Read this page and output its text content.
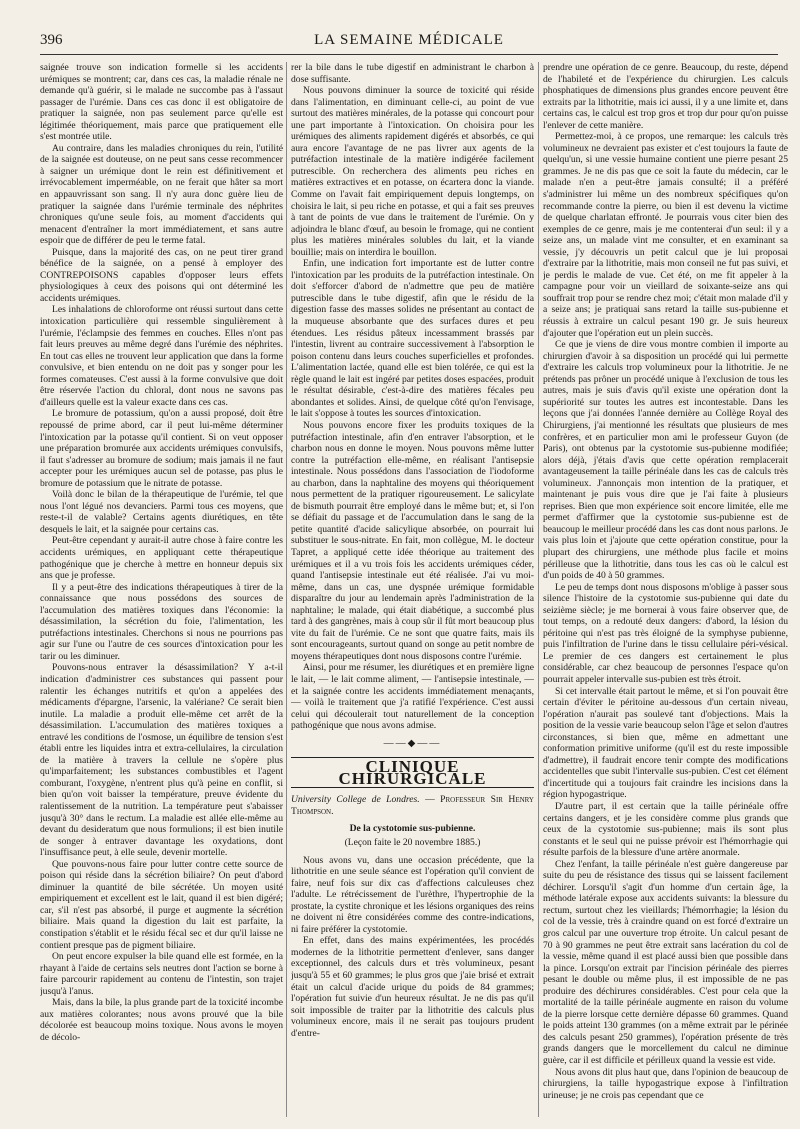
396	LA SEMAINE MÉDICALE

saignée trouve son indication formelle si les accidents urémiques se montrent; car, dans ces cas, la maladie rénale ne demande qu'à guérir, si le malade ne succombe pas à l'assaut passager de l'urémie. Dans ces cas donc il est obligatoire de pratiquer la saignée, non pas seulement parce qu'elle est légitimée théoriquement, mais parce que pratiquement elle s'est montrée utile.

Au contraire, dans les maladies chroniques du rein, l'utilité de la saignée est douteuse, on ne peut sans cesse recommencer à saigner un urémique dont le rein est définitivement et irrévocablement imperméable, on ne ferait que hâter sa mort en appauvrissant son sang. Il n'y aura donc guère lieu de pratiquer la saignée dans l'urémie terminale des néphrites chroniques qu'une seule fois, au moment d'accidents qui menacent d'entraîner la mort immédiatement, et sans autre espoir que de différer de peu le terme fatal.

Puisque, dans la majorité des cas, on ne peut tirer grand bénéfice de la saignée, on a pensé à employer des CONTREPOISONS capables d'opposer leurs effets physiologiques à ceux des poisons qui ont déterminé les accidents urémiques.

Les inhalations de chloroforme ont réussi surtout dans cette intoxication particulière qui ressemble singulièrement à l'urémie, l'éclampsie des femmes en couches. Elles n'ont pas fait leurs preuves au même degré dans l'urémie des néphrites. En tout cas elles ne trouvent leur application que dans la forme convulsive, et bien entendu on ne doit pas y songer pour les formes comateuses. C'est aussi à la forme convulsive que doit être réservée l'action du chloral, dont nous ne savons pas d'ailleurs quelle est la valeur exacte dans ces cas.

Le bromure de potassium, qu'on a aussi proposé, doit être repoussé de prime abord, car il peut lui-même déterminer l'intoxication par la potasse qu'il contient. Si on veut opposer une préparation bromurée aux accidents urémiques convulsifs, il faut s'adresser au bromure de sodium; mais jamais il ne faut accepter pour les urémiques aucun sel de potasse, pas plus le bromure de potassium que le nitrate de potasse.

Voilà donc le bilan de la thérapeutique de l'urémie, tel que nous l'ont légué nos devanciers. Parmi tous ces moyens, que reste-t-il de valable? Certains agents diurétiques, en tête desquels le lait, et la saignée pour certains cas.

Peut-être cependant y aurait-il autre chose à faire contre les accidents urémiques, en appliquant cette thérapeutique pathogénique que je cherche à mettre en honneur depuis six ans que je professe.

Il y a peut-être des indications thérapeutiques à tirer de la connaissance que nous possédons des sources de l'accumulation des matières toxiques dans l'économie: la désassimilation, la sécrétion du foie, l'alimentation, les putréfactions intestinales. Cherchons si nous ne pourrions pas agir sur l'une ou l'autre de ces sources d'intoxication pour les tarir ou les diminuer.

Pouvons-nous entraver la désassimilation? Y a-t-il indication d'administrer ces substances qui passent pour ralentir les échanges nutritifs et qu'on a appelées des médicaments d'épargne, l'arsenic, la valériane? Ce serait bien inutile. La maladie a produit elle-même cet arrêt de la désassimilation. L'accumulation des matières toxiques a entravé les conditions de l'osmose, un équilibre de tension s'est établi entre les liquides intra et extra-cellulaires, la circulation de la matière à travers la cellule ne s'opère plus qu'imparfaitement; les substances combustibles et l'agent comburant, l'oxygène, n'entrent plus qu'à peine en conflit, si bien qu'on voit baisser la température, preuve évidente du ralentissement de la nutrition. La température peut s'abaisser jusqu'à 30° dans le rectum. La maladie est allée elle-même au devant du desideratum que nous formulions; il est bien inutile de songer à entraver davantage les oxydations, dont l'insuffisance peut, à elle seule, devenir mortelle.

Que pouvons-nous faire pour lutter contre cette source de poison qui réside dans la sécrétion biliaire? On peut d'abord diminuer la quantité de bile sécrétée. Un moyen usité empiriquement et excellent est le lait, quand il est bien digéré; car, s'il n'est pas absorbé, il purge et augmente la sécrétion biliaire. Mais quand la digestion du lait est parfaite, la constipation s'établit et le résidu fécal sec et dur qu'il laisse ne contient presque pas de pigment biliaire.

On peut encore expulser la bile quand elle est formée, en la rhayant à l'aide de certains sels neutres dont l'action se borne à faire parcourir rapidement au contenu de l'intestin, son trajet jusqu'à l'anus.

Mais, dans la bile, la plus grande part de la toxicité incombe aux matières colorantes; nous avons prouvé que la bile décolorée est beaucoup moins toxique. Nous avons le moyen de décolo-

rer la bile dans le tube digestif en administrant le charbon à dose suffisante.

Nous pouvons diminuer la source de toxicité qui réside dans l'alimentation, en diminuant celle-ci, au point de vue surtout des matières minérales, de la potasse qui concourt pour une part importante à l'intoxication. On choisira pour les urémiques des aliments rapidement digérés et absorbés, ce qui aura encore l'avantage de ne pas livrer aux agents de la putréfaction intestinale de la matière indigérée facilement putrescible. On recherchera des aliments peu riches en matières extractives et en potasse, on écartera donc la viande. Comme on l'avait fait empiriquement depuis longtemps, on choisira le lait, si peu riche en potasse, et qui a fait ses preuves à tant de points de vue dans le traitement de l'urémie. On y adjoindra le blanc d'œuf, au besoin le fromage, qui ne contient plus les matières minérales solubles du lait, et la viande bouillie; mais on interdira le bouillon.

Enfin, une indication fort importante est de lutter contre l'intoxication par les produits de la putréfaction intestinale. On doit s'efforcer d'abord de n'admettre que peu de matière putrescible dans le tube digestif, afin que le résidu de la digestion fasse des masses solides ne présentant au contact de la muqueuse absorbante que des surfaces dures et peu étendues. Les résidus pâteux incessamment brassés par l'intestin, livrent au contraire successivement à l'absorption le poison contenu dans leurs couches superficielles et profondes. L'alimentation lactée, quand elle est bien tolérée, ce qui est la règle quand le lait est ingéré par petites doses espacées, produit le résultat désirable, c'est-à-dire des matières fécales peu abondantes et solides. Ainsi, de quelque côté qu'on l'envisage, le lait s'oppose à toutes les sources d'intoxication.

Nous pouvons encore fixer les produits toxiques de la putréfaction intestinale, afin d'en entraver l'absorption, et le charbon nous en donne le moyen. Nous pouvons même lutter contre la putréfaction elle-même, en réalisant l'antisepsie intestinale. Nous possédons dans l'association de l'iodoforme au charbon, dans la naphtaline des moyens qui théoriquement nous permettent de la pratiquer rigoureusement. Le salicylate de bismuth pourrait être employé dans le même but; et, si l'on se défiait du passage et de l'accumulation dans le sang de la petite quantité d'acide salicylique absorbée, on pourrait lui substituer le sous-nitrate. En fait, mon collègue, M. le docteur Tapret, a appliqué cette idée théorique au traitement des urémiques et il a vu trois fois les accidents urémiques céder, quand l'antisepsie intestinale eut été réalisée. J'ai vu moi-même, dans un cas, une dyspnée urémique formidable disparaître du jour au lendemain après l'administration de la naphtaline; le malade, qui était diabétique, a succombé plus tard à des gangrènes, mais à coup sûr il fût mort beaucoup plus vite du fait de l'urémie. Ce ne sont que quatre faits, mais ils sont encourageants, surtout quand on songe au petit nombre de moyens thérapeutiques dont nous disposons contre l'urémie.

Ainsi, pour me résumer, les diurétiques et en première ligne le lait, — le lait comme aliment, — l'antisepsie intestinale, — et la saignée contre les accidents immédiatement menaçants, — voilà le traitement que j'a ratifié l'expérience. C'est aussi celui qui découlerait tout naturellement de la conception pathogénique que nous avons admise.

——◆——
CLINIQUE CHIRURGICALE

University College de Londres. — Professeur Sir Henry Thompson.

De la cystotomie sus-pubienne.

(Leçon faite le 20 novembre 1885.)

Nous avons vu, dans une occasion précédente, que la lithotritie en une seule séance est l'opération qu'il convient de faire, neuf fois sur dix cas d'affections calculeuses chez l'adulte. Le rétrécissement de l'urèthre, l'hypertrophie de la prostate, la cystite chronique et les lésions organiques des reins ne doivent ni être considérées comme des contre-indications, ni faire préférer la cystotomie.

En effet, dans des mains expérimentées, les procédés modernes de la lithotritie permettent d'enlever, sans danger exceptionnel, des calculs durs et très volumineux, pesant jusqu'à 55 et 60 grammes; le plus gros que j'aie brisé et extrait était un calcul d'acide urique du poids de 84 grammes; l'opération fut suivie d'un heureux résultat. Je ne dis pas qu'il soit impossible de traiter par la lithotritie des calculs plus volumineux encore, mais il ne serait pas toujours prudent d'entre-

prendre une opération de ce genre. Beaucoup, du reste, dépend de l'habileté et de l'expérience du chirurgien. Les calculs phosphatiques de dimensions plus grandes encore peuvent être extraits par la lithotritie, mais ici aussi, il y a une limite et, dans certains cas, le calcul est trop gros et trop dur pour qu'on puisse l'enlever de cette manière.

Permettez-moi, à ce propos, une remarque: les calculs très volumineux ne devraient pas exister et c'est toujours la faute de quelqu'un, si une vessie humaine contient une pierre pesant 25 grammes. Je ne dis pas que ce soit la faute du médecin, car le malade n'en a peut-être jamais consulté; il a préféré s'administrer lui même un des nombreux spécifiques qu'on recommande contre la pierre, ou bien il est devenu la victime de quelque charlatan effronté. Je pourrais vous citer bien des exemples de ce genre, mais je me contenterai d'un seul: il y a seize ans, un malade vint me consulter, et en examinant sa vessie, j'y découvris un petit calcul que je lui proposai d'extraire par la lithotritie, mais mon conseil ne fut pas suivi, et je perdis le malade de vue. Cet été, on me fit appeler à la campagne pour voir un vieillard de soixante-seize ans qui souffrait trop pour se rendre chez moi; c'était mon malade d'il y a seize ans; je pratiquai sans retard la taille sus-pubienne et réussis à extraire un calcul pesant 190 gr. Je suis heureux d'ajouter que l'opération eut un plein succès.

Ce que je viens de dire vous montre combien il importe au chirurgien d'avoir à sa disposition un procédé qui lui permette d'extraire les calculs trop volumineux pour la lithotritie. Je ne prétends pas prôner un procédé unique à l'exclusion de tous les autres, mais je suis d'avis qu'il existe une opération dont la supériorité sur toutes les autres est incontestable. Dans les leçons que j'ai données l'année dernière au Collège Royal des Chirurgiens, j'ai mentionné les résultats que plusieurs de mes confrères, et en particulier mon ami le professeur Guyon (de Paris), ont obtenus par la cystotomie sus-pubienne modifiée; alors déjà, j'étais d'avis que cette opération remplacerait avantageusement la taille périnéale dans les cas de calculs très volumineux. J'annonçais mon intention de la pratiquer, et maintenant je puis vous dire que je l'ai faite à plusieurs reprises. Bien que mon expérience soit encore limitée, elle me permet d'affirmer que la cystotomie sus-pubienne est de beaucoup le meilleur procédé dans les cas dont nous parlons. Je vais plus loin et j'ajoute que cette opération constitue, pour la plupart des chirurgiens, une méthode plus facile et moins périlleuse que la lithotritie, dans tous les cas où le calcul est d'un poids de 40 à 50 grammes.

Le peu de temps dont nous disposons m'oblige à passer sous silence l'histoire de la cystotomie sus-pubienne qui date du seizième siècle; je me bornerai à vous faire observer que, de tout temps, on a redouté deux dangers: d'abord, la lésion du péritoine qui n'est pas très éloigné de la symphyse pubienne, puis l'infiltration de l'urine dans le tissu cellulaire péri-vésical. Le premier de ces dangers est certainement le plus considérable, car chez beaucoup de personnes l'espace qu'on pourrait appeler intervalle sus-pubien est très étroit.

Si cet intervalle était partout le même, et si l'on pouvait être certain d'éviter le péritoine au-dessous d'un certain niveau, l'opération n'aurait pas soulevé tant d'objections. Mais la position de la vessie varie beaucoup selon l'âge et selon d'autres circonstances, si bien que, même en admettant une conformation primitive uniforme (qu'il est du reste impossible d'admettre), il faudrait encore tenir compte des modifications accidentelles que subit l'intervalle sus-pubien. C'est cet élément d'incertitude qui a toujours fait craindre les incisions dans la région hypogastrique.

D'autre part, il est certain que la taille périnéale offre certains dangers, et je les considère comme plus grands que ceux de la cystotomie sus-pubienne; mais ils sont plus constants et le seul qui ne puisse prévoir est l'hémorrhagie qui résulte parfois de la blessure d'une artère anormale.

Chez l'enfant, la taille périnéale n'est guère dangereuse par suite du peu de résistance des tissus qui se laissent facilement déchirer. Lorsqu'il s'agit d'un homme d'un certain âge, la méthode latérale expose aux accidents suivants: la blessure du rectum, surtout chez les vieillards; l'hémorrhagie; la lésion du col de la vessie, très à craindre quand on est forcé d'extraire un gros calcul par une ouverture trop étroite. Un calcul pesant de 70 à 90 grammes ne peut être extrait sans lacération du col de la vessie, même quand il est placé aussi bien que possible dans la pince. Lorsqu'on extrait par l'incision périnéale des pierres pesant le double ou même plus, il est impossible de ne pas produire des déchirures considérables. C'est pour cela que la mortalité de la taille périnéale augmente en raison du volume de la pierre lorsque cette dernière dépasse 60 grammes. Quand le poids atteint 130 grammes (on a même extrait par le périnée des calculs pesant 250 grammes), l'opération présente de très grands dangers que le morcellement du calcul ne diminue guère, car il est difficile et périlleux quand la vessie est vide.

Nous avons dit plus haut que, dans l'opinion de beaucoup de chirurgiens, la taille hypogastrique expose à l'infiltration urineuse; je ne crois pas cependant que ce
